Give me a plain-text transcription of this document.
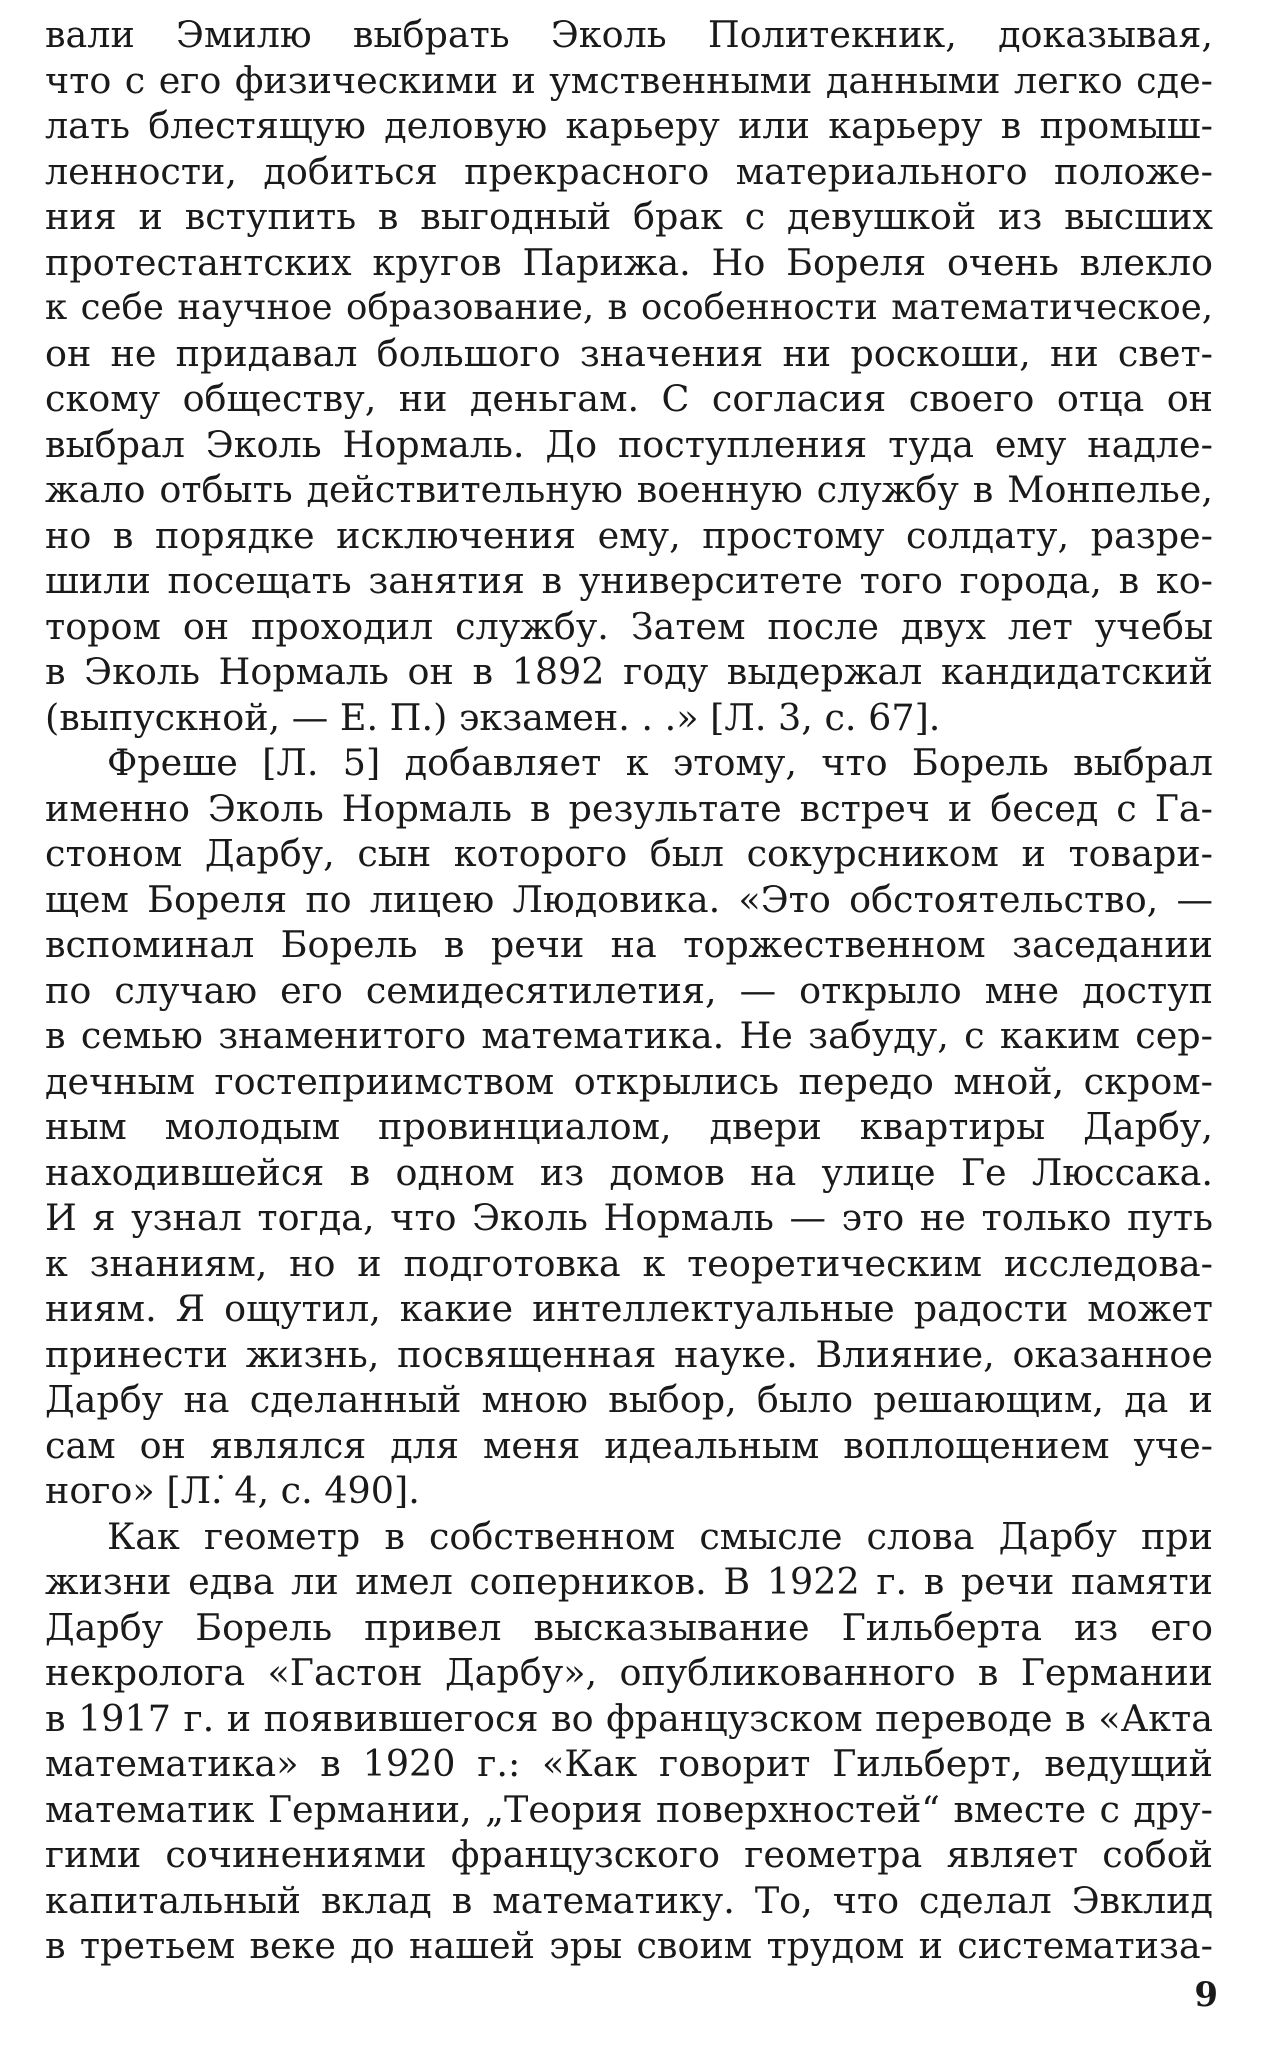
вали Эмилю выбрать Эколь Политекник, доказывая,
что с его физическими и умственными данными легко сде-
лать блестящую деловую карьеру или карьеру в промыш-
ленности, добиться прекрасного материального положе-
ния и вступить в выгодный брак с девушкой из высших
протестантских кругов Парижа. Но Бореля очень влекло
к себе научное образование, в особенности математическое,
он не придавал большого значения ни роскоши, ни свет-
скому обществу, ни деньгам. С согласия своего отца он
выбрал Эколь Нормаль. До поступления туда ему надле-
жало отбыть действительную военную службу в Монпелье,
но в порядке исключения ему, простому солдату, разре-
шили посещать занятия в университете того города, в ко-
тором он проходил службу. Затем после двух лет учебы
в Эколь Нормаль он в 1892 году выдержал кандидатский
(выпускной, — Е. П.) экзамен. . .» [Л. 3, с. 67].
Фреше [Л. 5] добавляет к этому, что Борель выбрал
именно Эколь Нормаль в результате встреч и бесед с Га-
стоном Дарбу, сын которого был сокурсником и товари-
щем Бореля по лицею Людовика. «Это обстоятельство, —
вспоминал Борель в речи на торжественном заседании
по случаю его семидесятилетия, — открыло мне доступ
в семью знаменитого математика. Не забуду, с каким сер-
дечным гостеприимством открылись передо мной, скром-
ным молодым провинциалом, двери квартиры Дарбу,
находившейся в одном из домов на улице Ге Люссака.
И я узнал тогда, что Эколь Нормаль — это не только путь
к знаниям, но и подготовка к теоретическим исследова-
ниям. Я ощутил, какие интеллектуальные радости может
принести жизнь, посвященная науке. Влияние, оказанное
Дарбу на сделанный мною выбор, было решающим, да и
сам он являлся для меня идеальным воплощением уче-
ного» [Л.͘ 4, с. 490].
Как геометр в собственном смысле слова Дарбу при
жизни едва ли имел соперников. В 1922 г. в речи памяти
Дарбу Борель привел высказывание Гильберта из его
некролога «Гастон Дарбу», опубликованного в Германии
в 1917 г. и появившегося во французском переводе в «Акта
математика» в 1920 г.: «Как говорит Гильберт, ведущий
математик Германии, „Теория поверхностей“ вместе с дру-
гими сочинениями французского геометра являет собой
капитальный вклад в математику. То, что сделал Эвклид
в третьем веке до нашей эры своим трудом и систематиза-
9
